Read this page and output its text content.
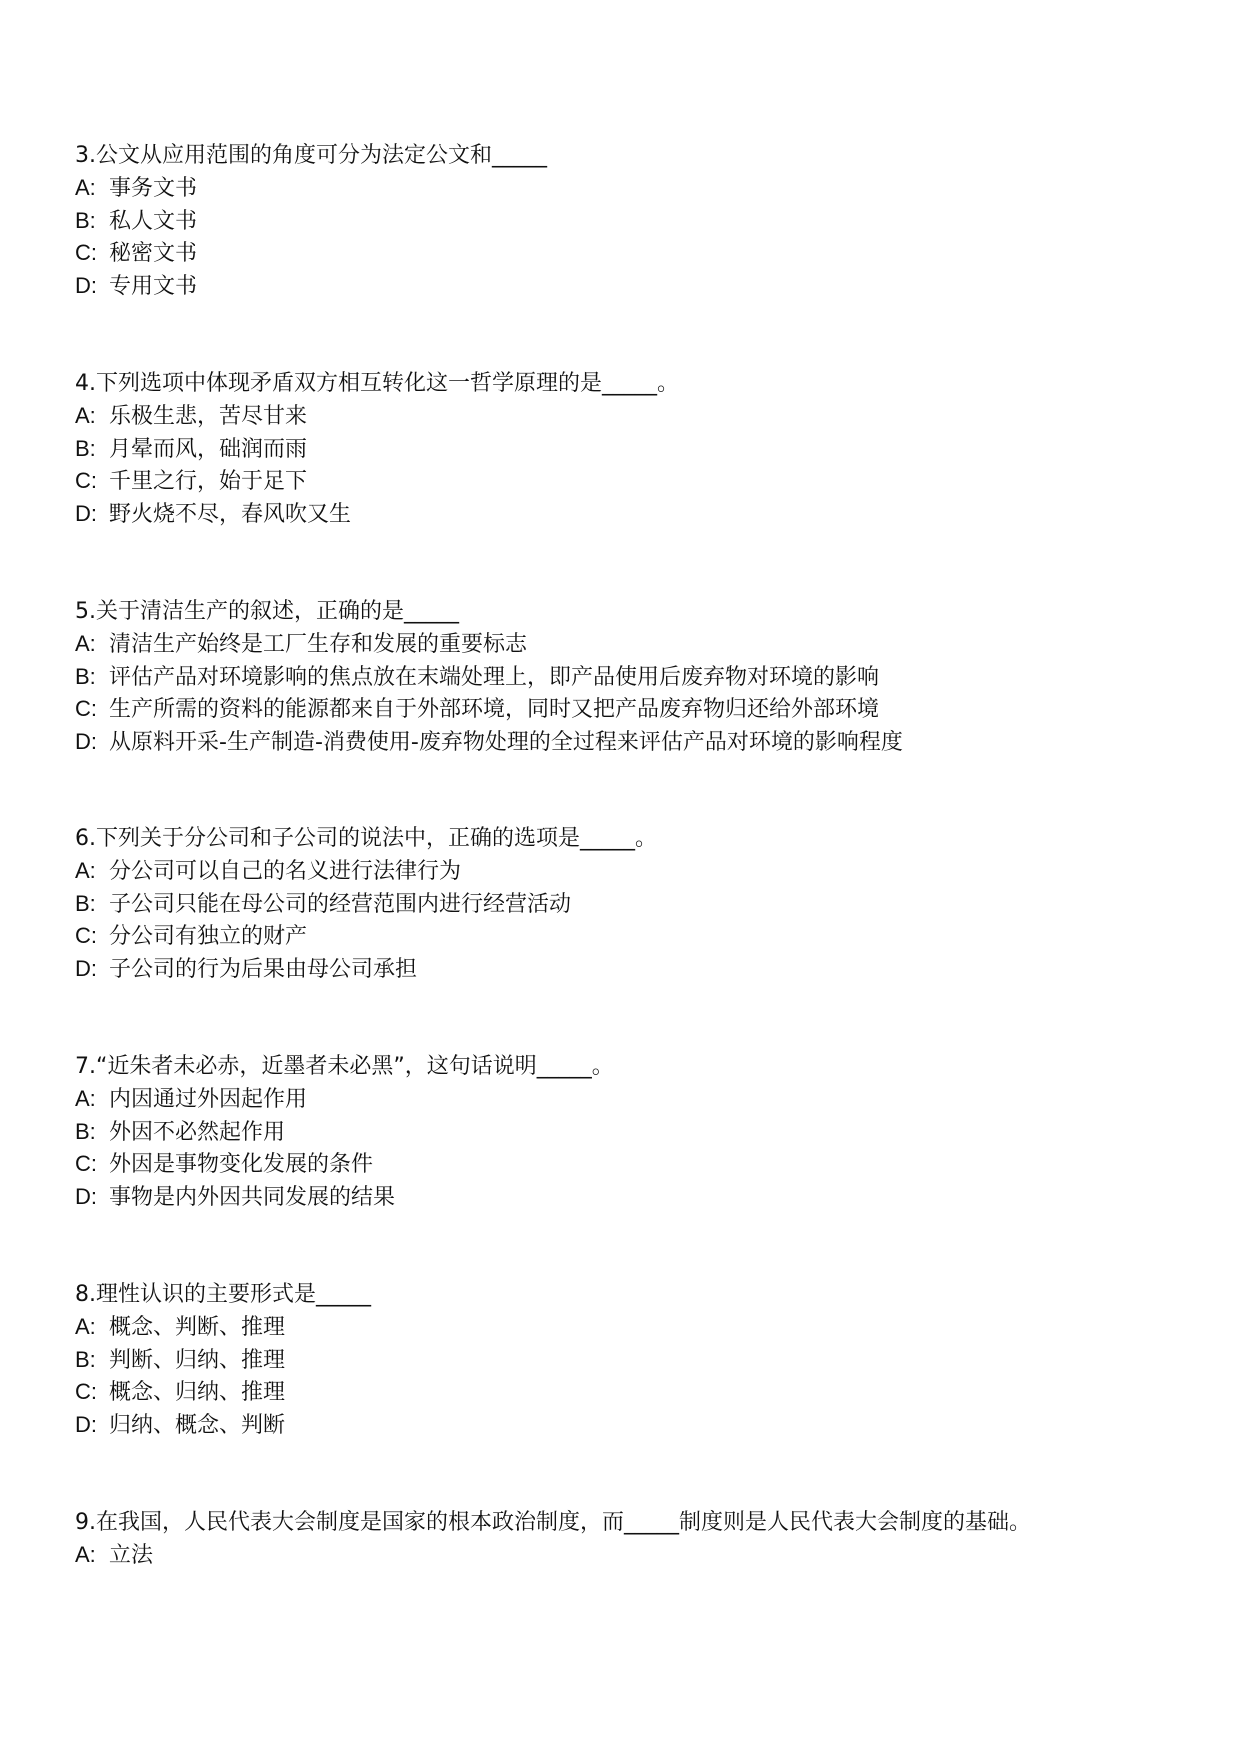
3.公文从应用范围的角度可分为法定公文和_____
A: 事务文书
B: 私人文书
C: 秘密文书
D: 专用文书
4.下列选项中体现矛盾双方相互转化这一哲学原理的是_____。
A: 乐极生悲，苦尽甘来
B: 月晕而风，础润而雨
C: 千里之行，始于足下
D: 野火烧不尽，春风吹又生
5.关于清洁生产的叙述，正确的是_____
A: 清洁生产始终是工厂生存和发展的重要标志
B: 评估产品对环境影响的焦点放在末端处理上，即产品使用后废弃物对环境的影响
C: 生产所需的资料的能源都来自于外部环境，同时又把产品废弃物归还给外部环境
D: 从原料开采-生产制造-消费使用-废弃物处理的全过程来评估产品对环境的影响程度
6.下列关于分公司和子公司的说法中，正确的选项是_____。
A: 分公司可以自己的名义进行法律行为
B: 子公司只能在母公司的经营范围内进行经营活动
C: 分公司有独立的财产
D: 子公司的行为后果由母公司承担
7.“近朱者未必赤，近墨者未必黑”，这句话说明_____。
A: 内因通过外因起作用
B: 外因不必然起作用
C: 外因是事物变化发展的条件
D: 事物是内外因共同发展的结果
8.理性认识的主要形式是_____
A: 概念、判断、推理
B: 判断、归纳、推理
C: 概念、归纳、推理
D: 归纳、概念、判断
9.在我国，人民代表大会制度是国家的根本政治制度，而_____制度则是人民代表大会制度的基础。
A: 立法
